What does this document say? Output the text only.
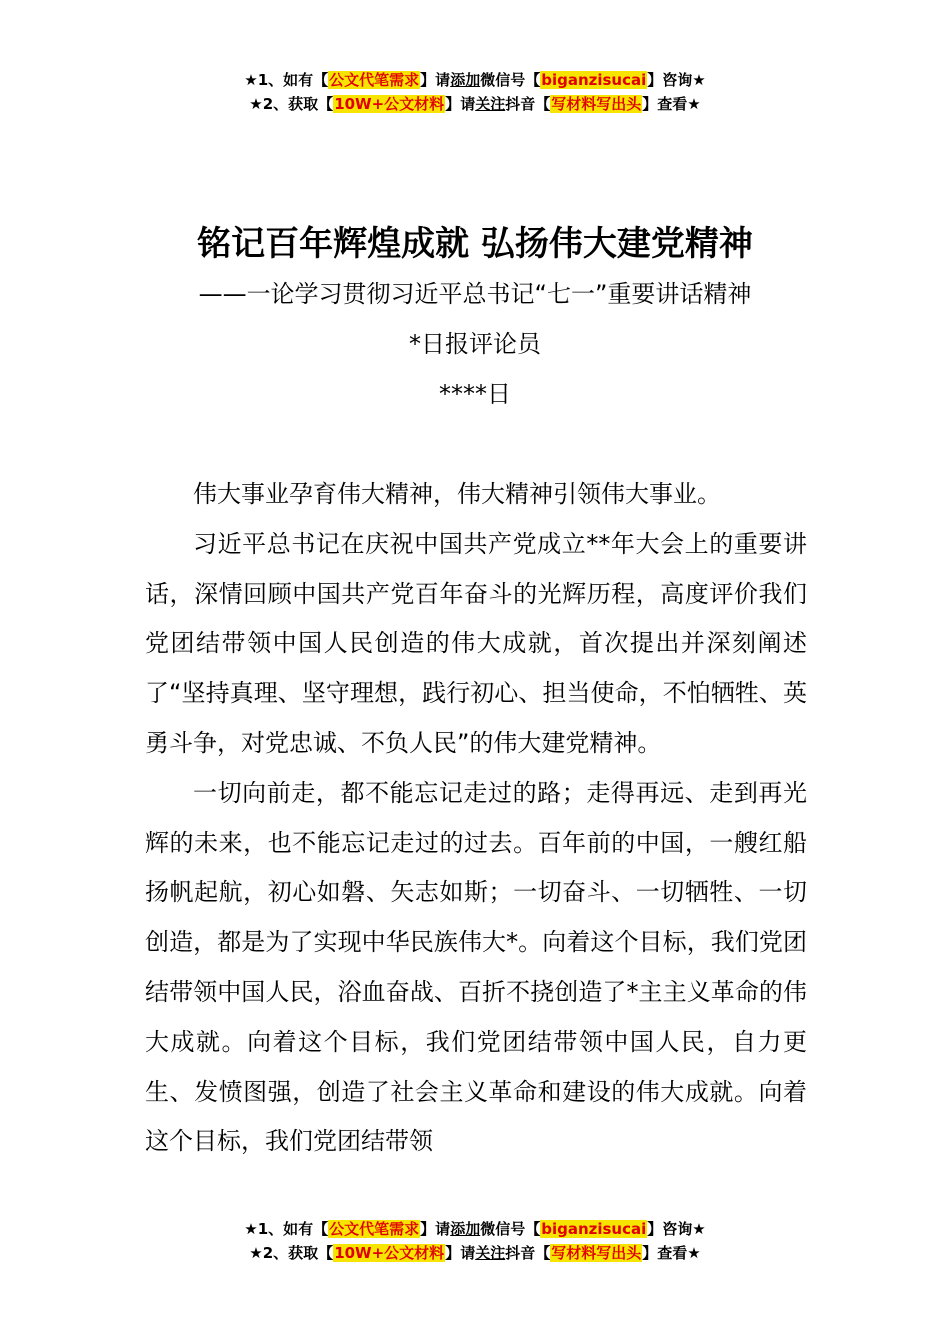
★1、如有【公文代笔需求】请添加微信号【biganzisucai】咨询★
★2、获取【10W+公文材料】请关注抖音【写材料写出头】查看★
铭记百年辉煌成就 弘扬伟大建党精神
——一论学习贯彻习近平总书记“七一”重要讲话精神
*日报评论员
****日

伟大事业孕育伟大精神，伟大精神引领伟大事业。

习近平总书记在庆祝中国共产党成立**年大会上的重要讲话，深情回顾中国共产党百年奋斗的光辉历程，高度评价我们党团结带领中国人民创造的伟大成就，首次提出并深刻阐述了“坚持真理、坚守理想，践行初心、担当使命，不怕牺牲、英勇斗争，对党忠诚、不负人民”的伟大建党精神。

一切向前走，都不能忘记走过的路；走得再远、走到再光辉的未来，也不能忘记走过的过去。百年前的中国，一艘红船扬帆起航，初心如磐、矢志如斯；一切奋斗、一切牺牲、一切创造，都是为了实现中华民族伟大*。向着这个目标，我们党团结带领中国人民，浴血奋战、百折不挠创造了*主主义革命的伟大成就。向着这个目标，我们党团结带领中国人民，自力更生、发愤图强，创造了社会主义革命和建设的伟大成就。向着这个目标，我们党团结带领

★1、如有【公文代笔需求】请添加微信号【biganzisucai】咨询★
★2、获取【10W+公文材料】请关注抖音【写材料写出头】查看★
